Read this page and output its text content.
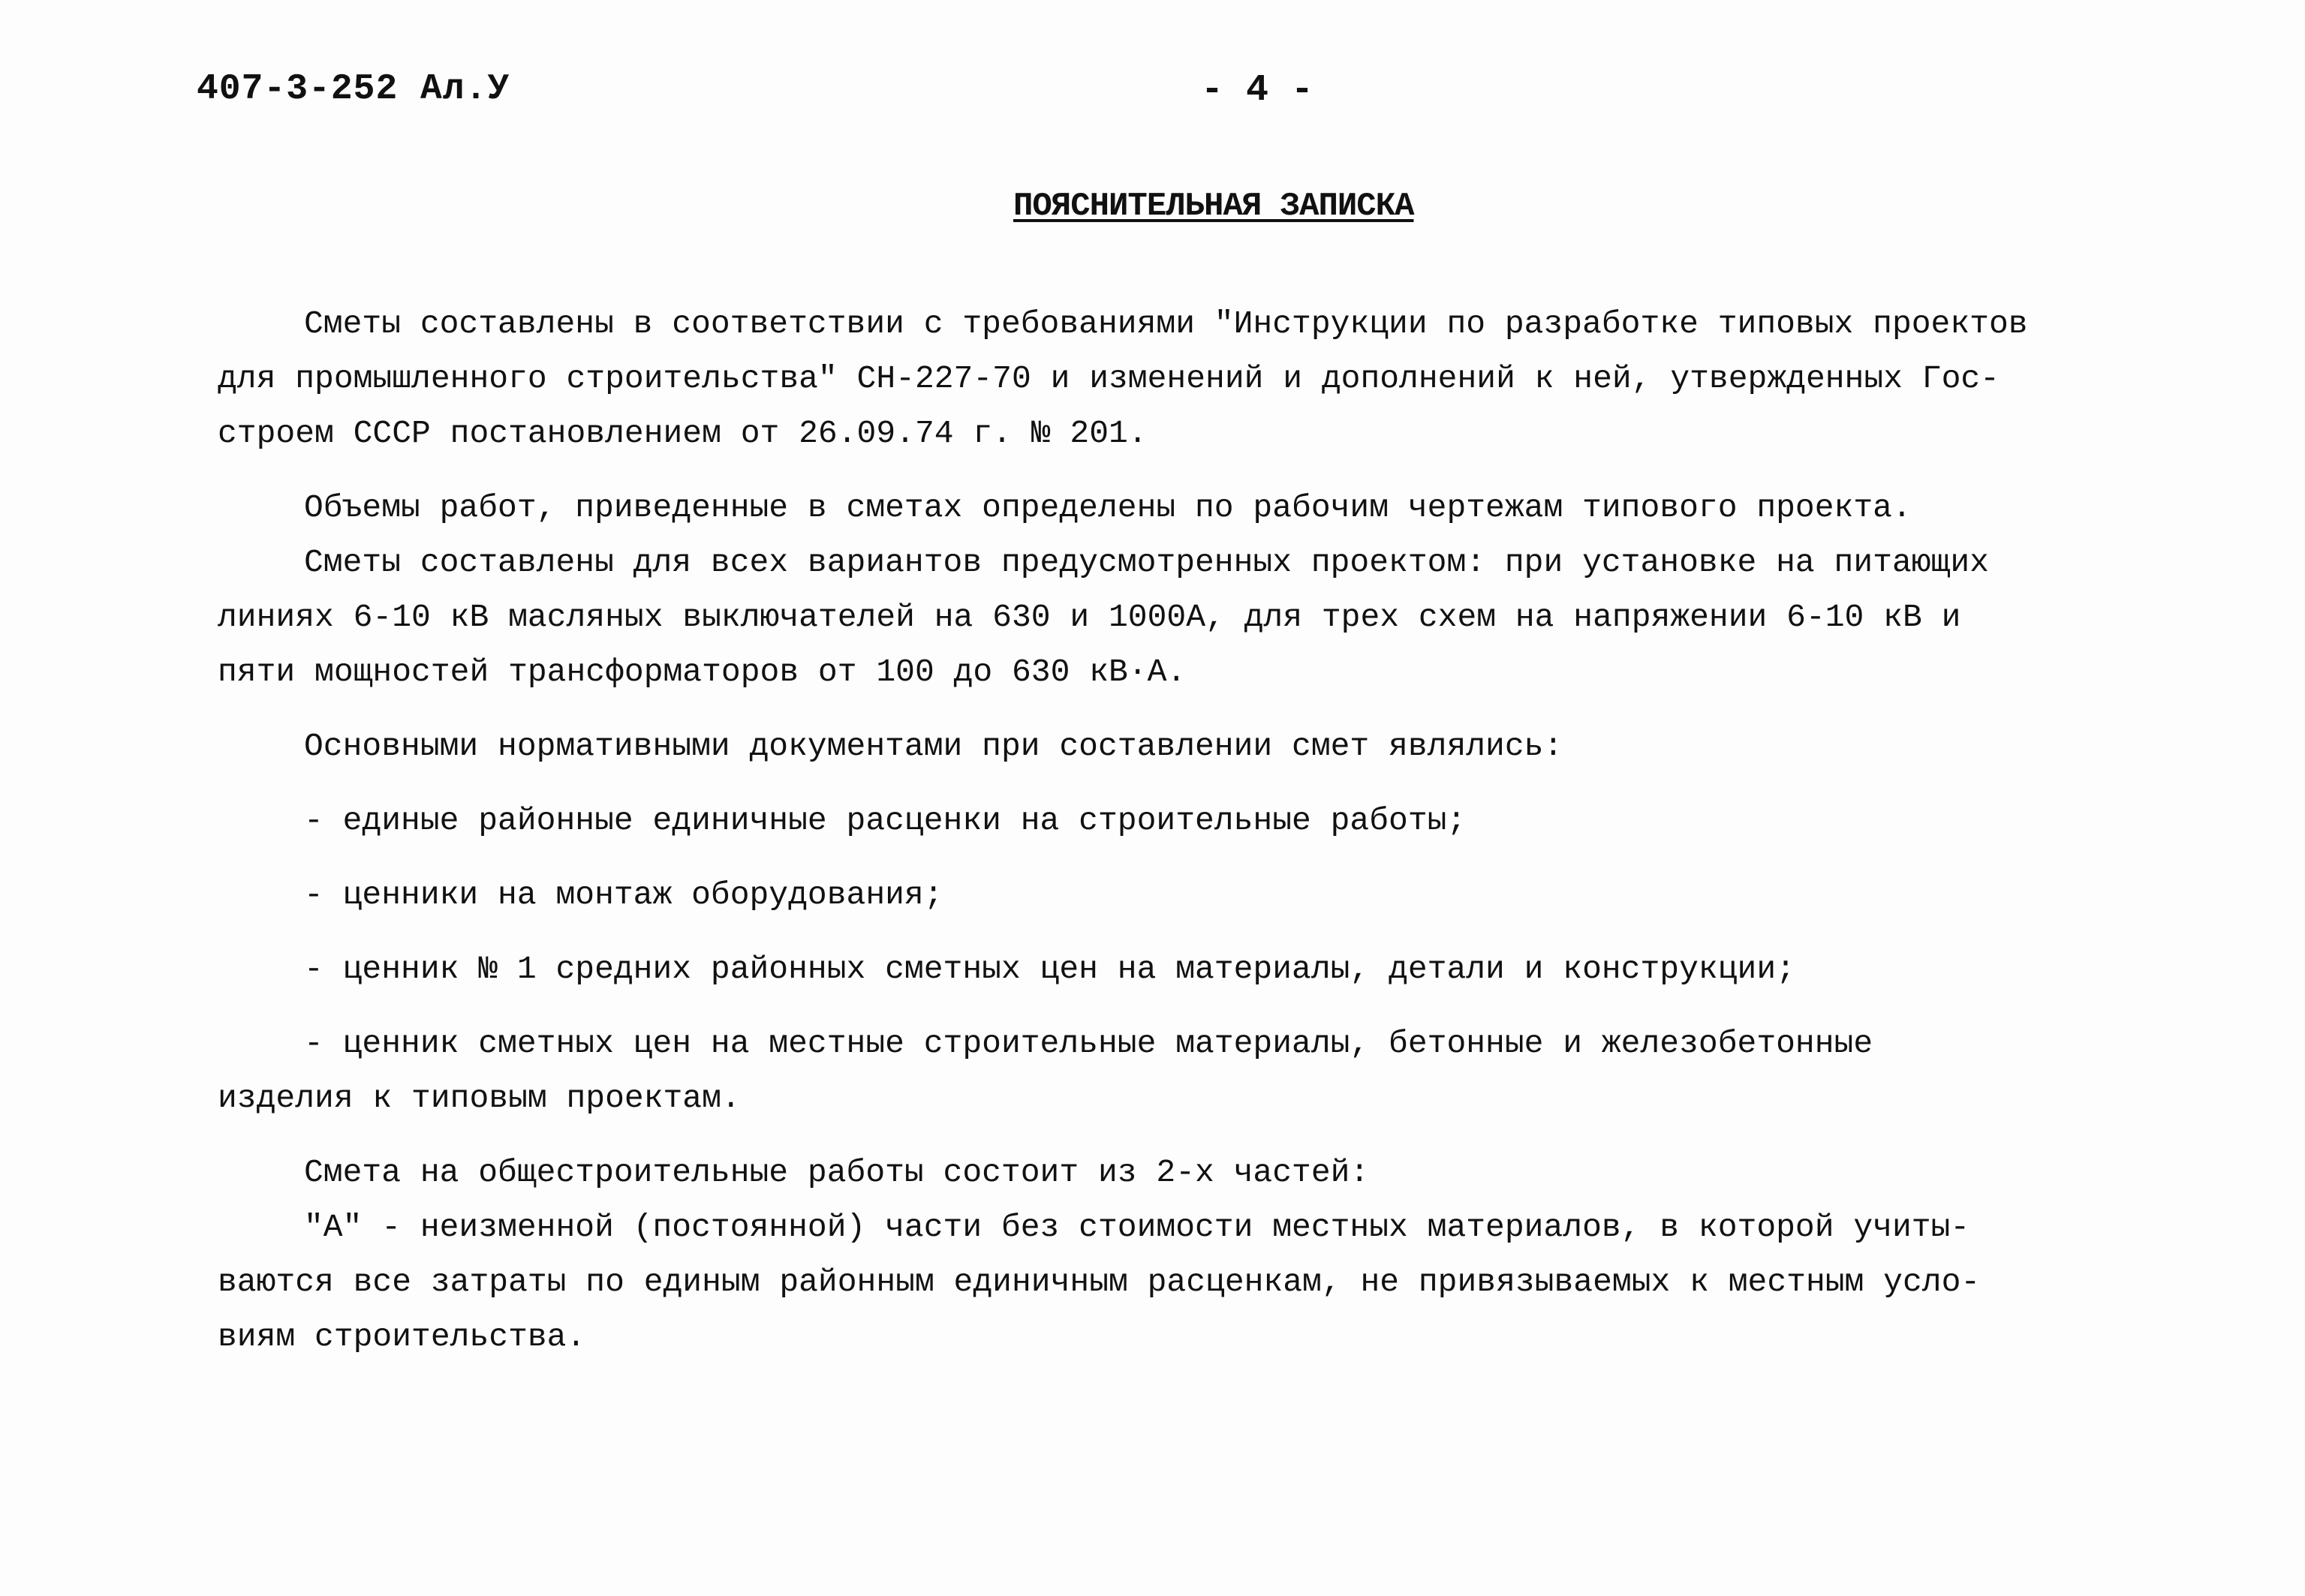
407-3-252 Ал.У	- 4 -
ПОЯСНИТЕЛЬНАЯ ЗАПИСКА
Сметы составлены в соответствии с требованиями "Инструкции по разработке типовых проектов
для промышленного строительства" СН-227-70 и изменений и дополнений к ней, утвержденных Гос-
строем СССР постановлением от 26.09.74 г. № 201.
Объемы работ, приведенные в сметах определены по рабочим чертежам типового проекта.
Сметы составлены для всех вариантов предусмотренных проектом: при установке на питающих
линиях 6-10 кВ масляных выключателей на 630 и 1000А, для трех схем на напряжении 6-10 кВ и
пяти мощностей трансформаторов от 100 до 630 кВ·А.
Основными нормативными документами при составлении смет являлись:
- единые районные единичные расценки на строительные работы;
- ценники на монтаж оборудования;
- ценник № 1 средних районных сметных цен на материалы, детали и конструкции;
- ценник сметных цен на местные строительные материалы, бетонные и железобетонные
изделия к типовым проектам.
Смета на общестроительные работы состоит из 2-х частей:
"А" - неизменной (постоянной) части без стоимости местных материалов, в которой учиты-
ваются все затраты по единым районным единичным расценкам, не привязываемых к местным усло-
виям строительства.
